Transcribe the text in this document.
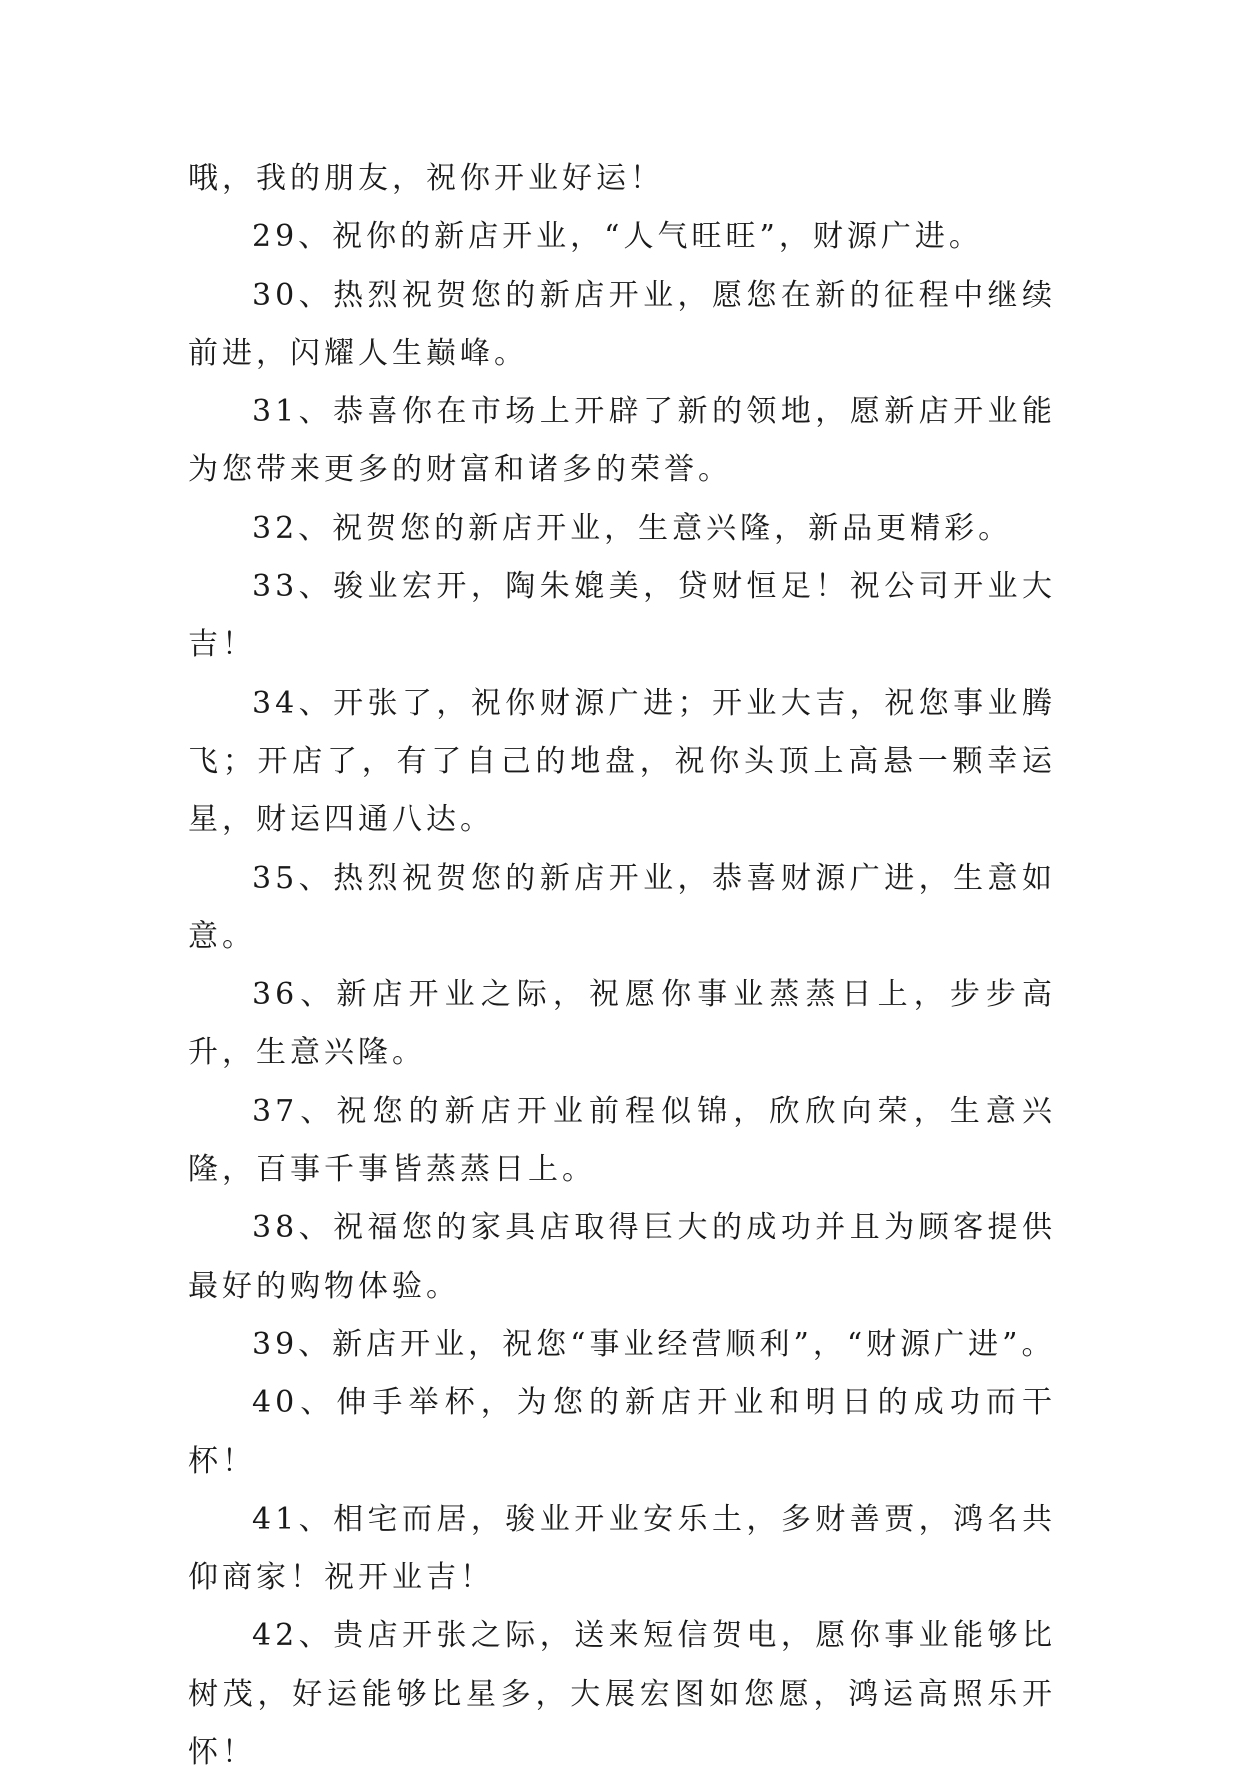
哦，我的朋友，祝你开业好运！

29、祝你的新店开业，“人气旺旺”，财源广进。

30、热烈祝贺您的新店开业，愿您在新的征程中继续前进，闪耀人生巅峰。

31、恭喜你在市场上开辟了新的领地，愿新店开业能为您带来更多的财富和诸多的荣誉。

32、祝贺您的新店开业，生意兴隆，新品更精彩。

33、骏业宏开，陶朱媲美，贷财恒足！祝公司开业大吉！

34、开张了，祝你财源广进；开业大吉，祝您事业腾飞；开店了，有了自己的地盘，祝你头顶上高悬一颗幸运星，财运四通八达。

35、热烈祝贺您的新店开业，恭喜财源广进，生意如意。

36、新店开业之际，祝愿你事业蒸蒸日上，步步高升，生意兴隆。

37、祝您的新店开业前程似锦，欣欣向荣，生意兴隆，百事千事皆蒸蒸日上。

38、祝福您的家具店取得巨大的成功并且为顾客提供最好的购物体验。

39、新店开业，祝您“事业经营顺利”，“财源广进”。

40、伸手举杯，为您的新店开业和明日的成功而干杯！

41、相宅而居，骏业开业安乐土，多财善贾，鸿名共仰商家！祝开业吉！

42、贵店开张之际，送来短信贺电，愿你事业能够比树茂，好运能够比星多，大展宏图如您愿，鸿运高照乐开怀！
